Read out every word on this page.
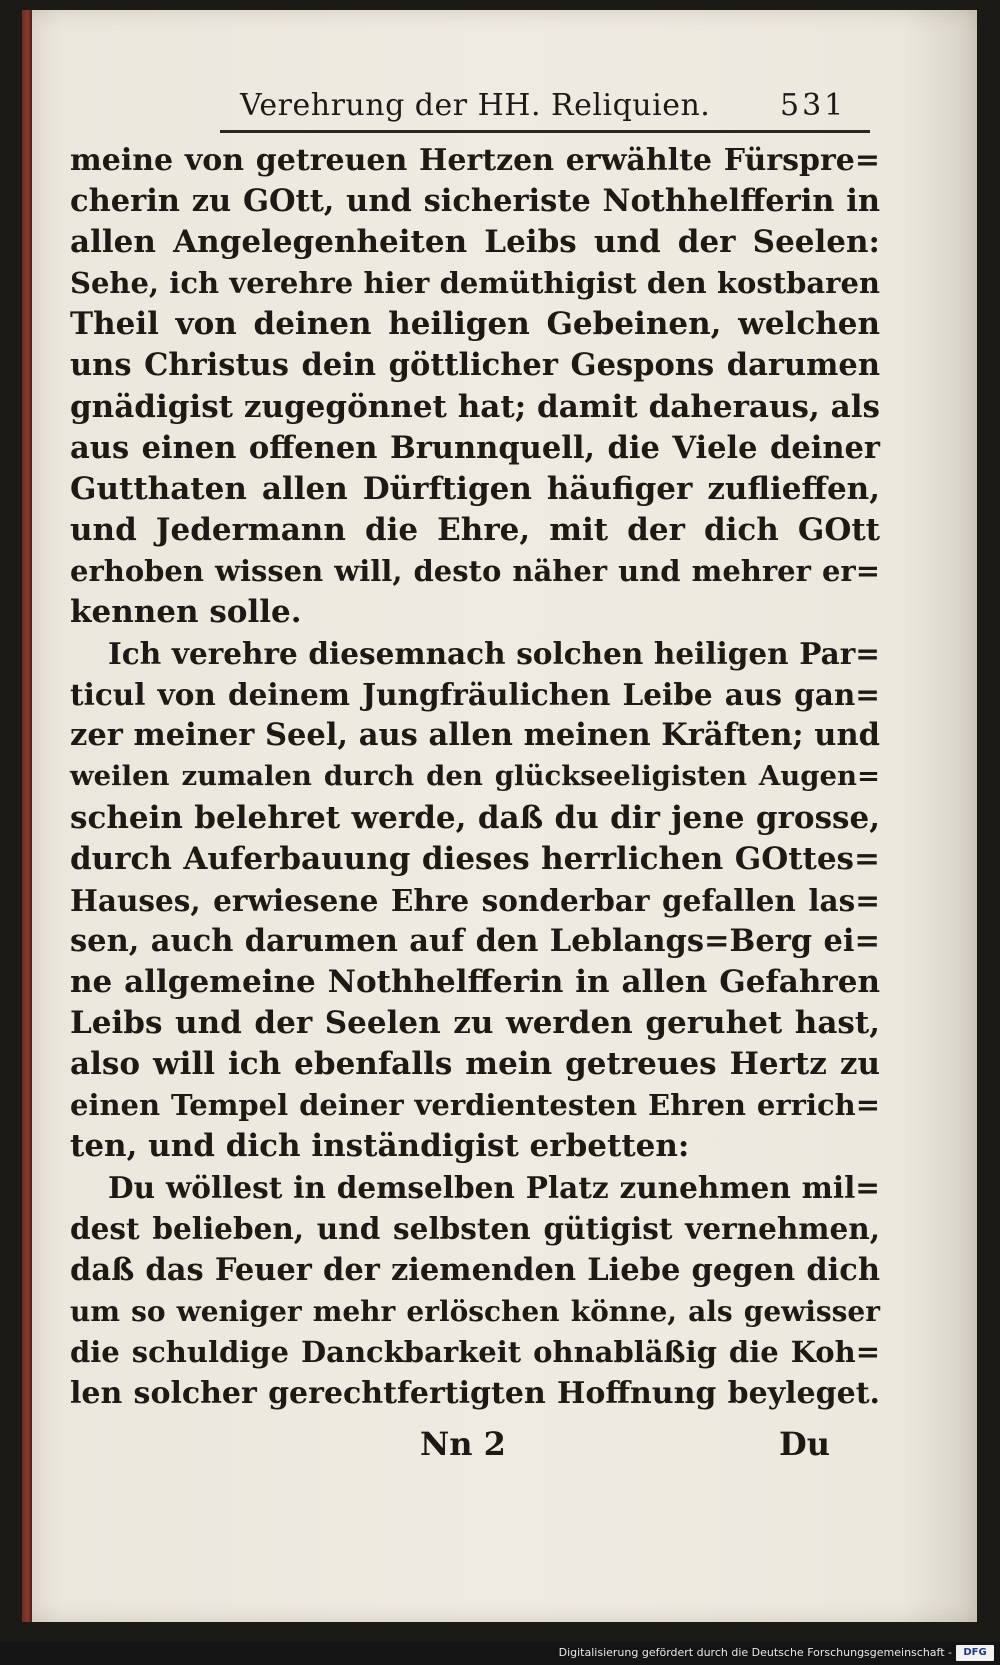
Verehrung der HH. Reliquien. 531
meine von getreuen Hertzen erwählte Fürspre=
cherin zu GOtt, und sicheriste Nothhelfferin in
allen Angelegenheiten Leibs und der Seelen:
Sehe, ich verehre hier demüthigist den kostbaren
Theil von deinen heiligen Gebeinen, welchen
uns Christus dein göttlicher Gespons darumen
gnädigist zugegönnet hat; damit daheraus, als
aus einen offenen Brunnquell, die Viele deiner
Gutthaten allen Dürftigen häufiger zuflieffen,
und Jedermann die Ehre, mit der dich GOtt
erhoben wissen will, desto näher und mehrer er=
kennen solle.
Ich verehre diesemnach solchen heiligen Par=
ticul von deinem Jungfräulichen Leibe aus gan=
zer meiner Seel, aus allen meinen Kräften; und
weilen zumalen durch den glückseeligisten Augen=
schein belehret werde, daß du dir jene grosse,
durch Auferbauung dieses herrlichen GOttes=
Hauses, erwiesene Ehre sonderbar gefallen las=
sen, auch darumen auf den Leblangs=Berg ei=
ne allgemeine Nothhelfferin in allen Gefahren
Leibs und der Seelen zu werden geruhet hast,
also will ich ebenfalls mein getreues Hertz zu
einen Tempel deiner verdientesten Ehren errich=
ten, und dich inständigist erbetten:
Du wöllest in demselben Platz zunehmen mil=
dest belieben, und selbsten gütigist vernehmen,
daß das Feuer der ziemenden Liebe gegen dich
um so weniger mehr erlöschen könne, als gewisser
die schuldige Danckbarkeit ohnabläßig die Koh=
len solcher gerechtfertigten Hoffnung beyleget.
Nn 2	Du
Digitalisierung gefördert durch die Deutsche Forschungsgemeinschaft -	DFG
